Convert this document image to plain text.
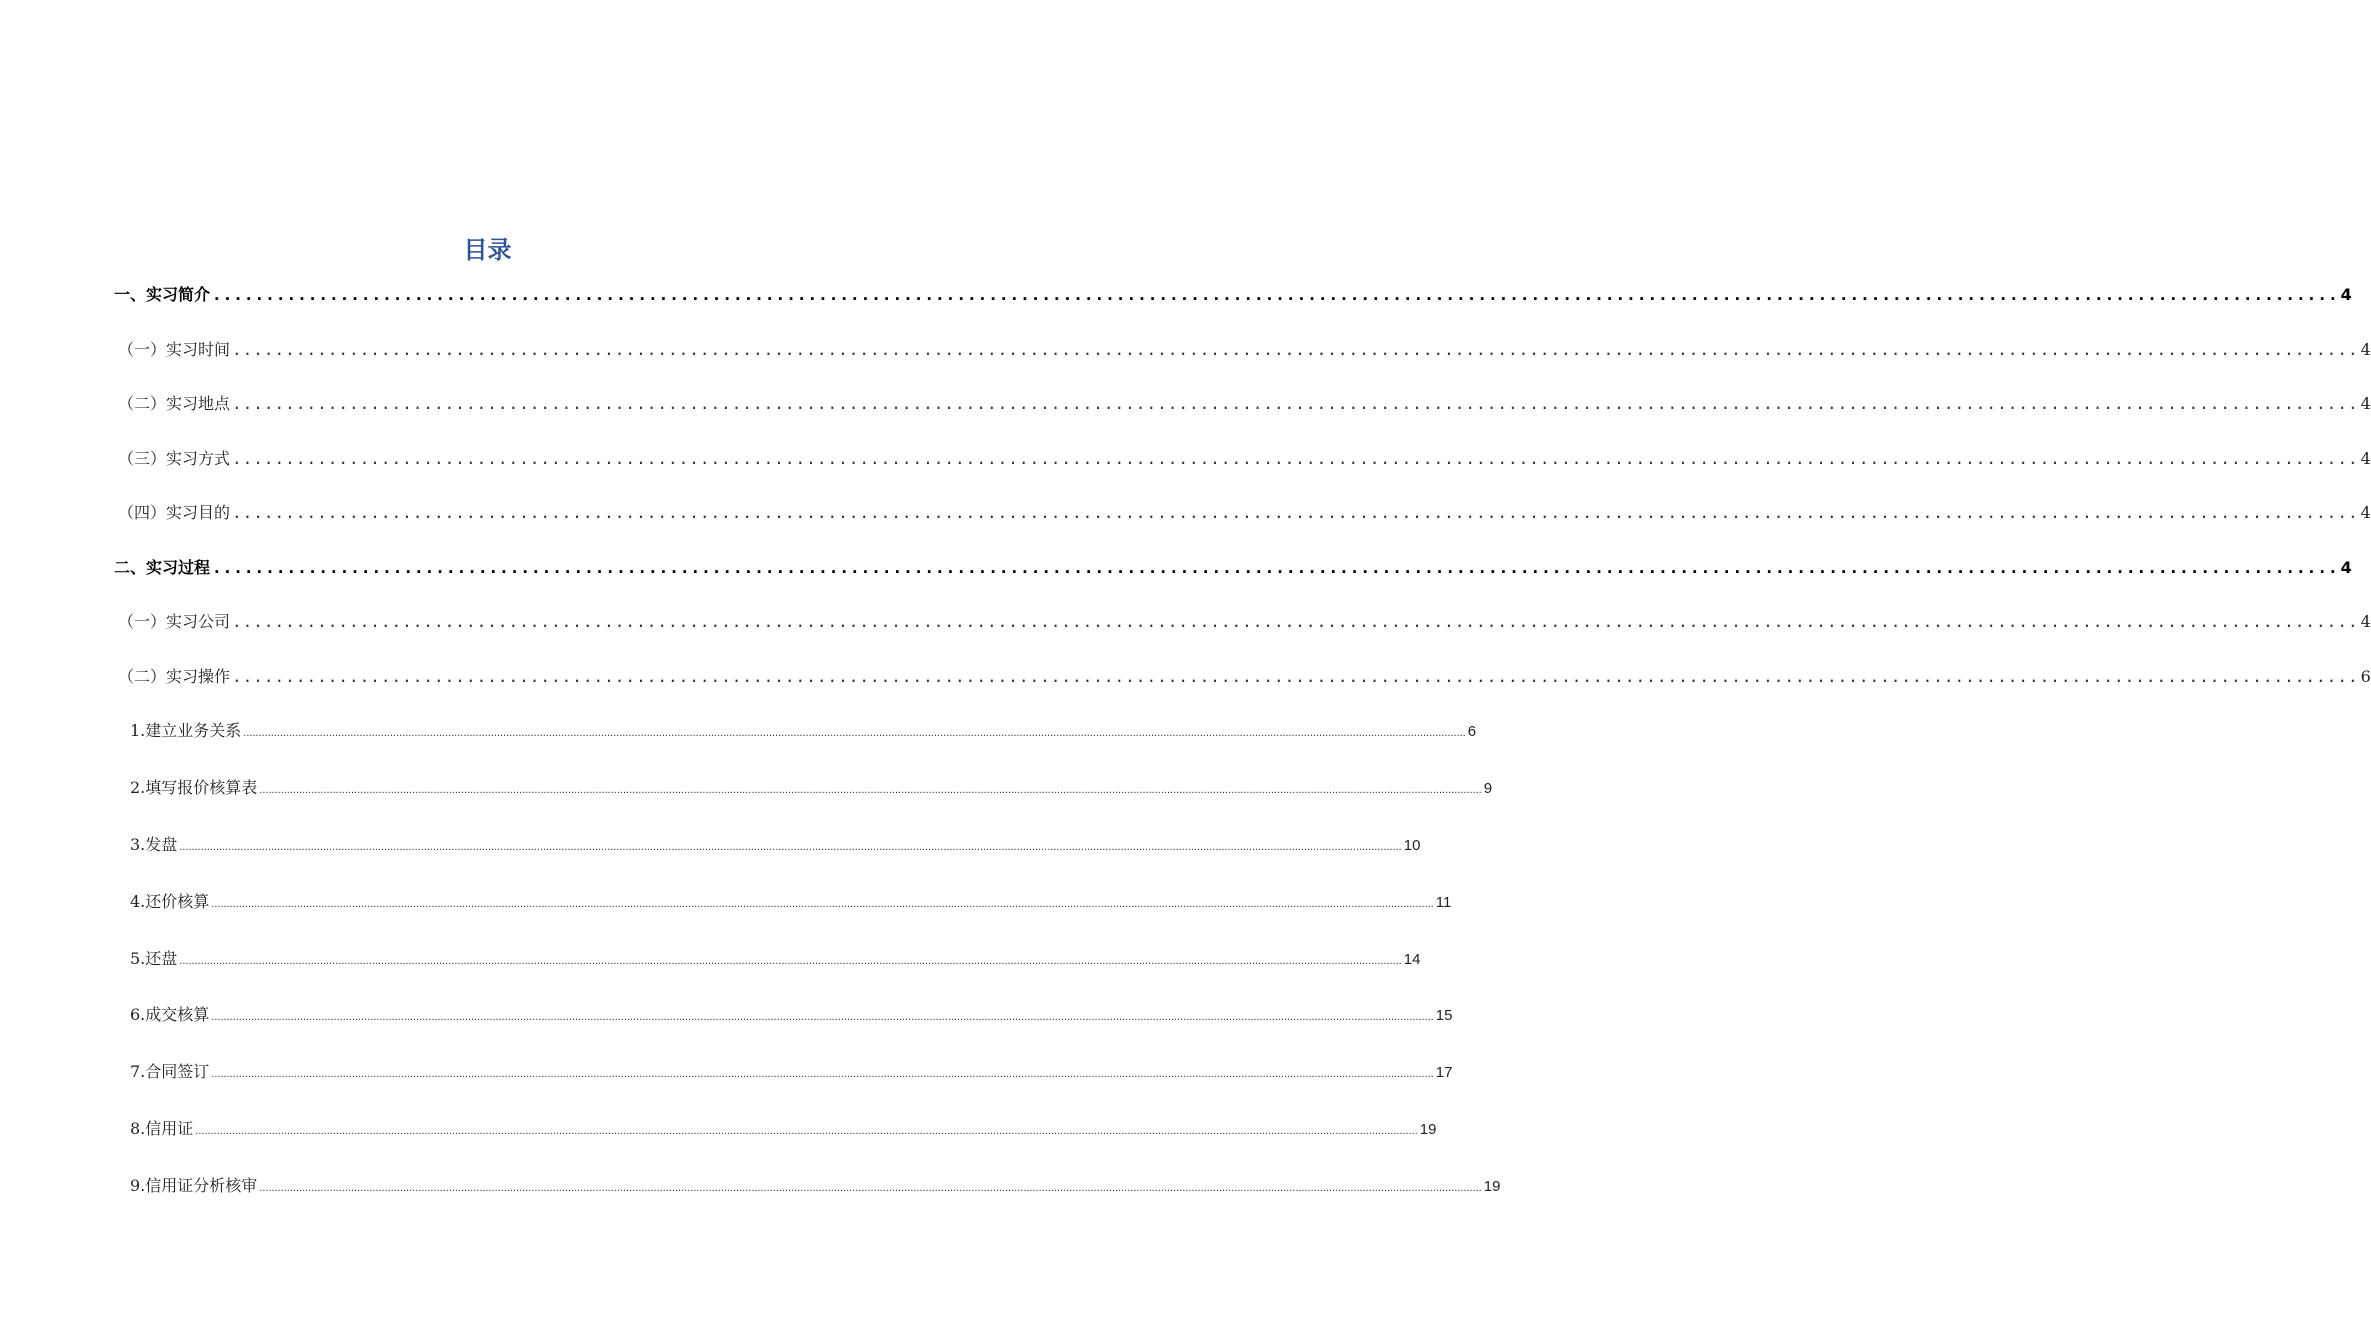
目录
一、实习简介 ........................................................................................................................................................................................................ 4
（一）实习时间 ........................................................................................................................................................................................................ 4
（二）实习地点 ........................................................................................................................................................................................................ 4
（三）实习方式 ........................................................................................................................................................................................................ 4
（四）实习目的 ........................................................................................................................................................................................................ 4
二、实习过程 ........................................................................................................................................................................................................ 4
（一）实习公司 ........................................................................................................................................................................................................ 4
（二）实习操作 ........................................................................................................................................................................................................ 6
1.建立业务关系 ................................................................................................................................................................................................................................................................................................................................................................................................................ 6
2.填写报价核算表 ................................................................................................................................................................................................................................................................................................................................................................................................................ 9
3.发盘 ................................................................................................................................................................................................................................................................................................................................................................................................................ 10
4.还价核算 ................................................................................................................................................................................................................................................................................................................................................................................................................ 11
5.还盘 ................................................................................................................................................................................................................................................................................................................................................................................................................ 14
6.成交核算 ................................................................................................................................................................................................................................................................................................................................................................................................................ 15
7.合同签订 ................................................................................................................................................................................................................................................................................................................................................................................................................ 17
8.信用证 ................................................................................................................................................................................................................................................................................................................................................................................................................ 19
9.信用证分析核审 ................................................................................................................................................................................................................................................................................................................................................................................................................ 19
